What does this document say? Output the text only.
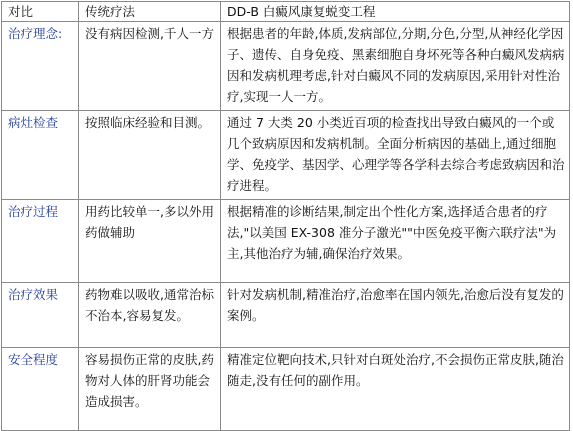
对比	传统疗法	DD-B 白癜风康复蜕变工程
治疗理念:	没有病因检测,千人一方	根据患者的年龄,体质,发病部位,分期,分色,分型,从神经化学因子、遗传、自身免疫、黑素细胞自身坏死等各种白癜风发病病因和发病机理考虑,针对白癜风不同的发病原因,采用针对性治疗,实现一人一方。
病灶检查	按照临床经验和目测。	通过 7 大类 20 小类近百项的检查找出导致白癜风的一个或几个致病原因和发病机制。全面分析病因的基础上,通过细胞学、免疫学、基因学、心理学等各学科去综合考虑致病因和治疗进程。
治疗过程	用药比较单一,多以外用药做辅助	根据精准的诊断结果,制定出个性化方案,选择适合患者的疗法,"以美国 EX-308 准分子激光""中医免疫平衡六联疗法"为主,其他治疗为辅,确保治疗效果。
治疗效果	药物难以吸收,通常治标不治本,容易复发。	针对发病机制,精准治疗,治愈率在国内领先,治愈后没有复发的案例。
安全程度	容易损伤正常的皮肤,药物对人体的肝肾功能会造成损害。	精准定位靶向技术,只针对白斑处治疗,不会损伤正常皮肤,随治随走,没有任何的副作用。
